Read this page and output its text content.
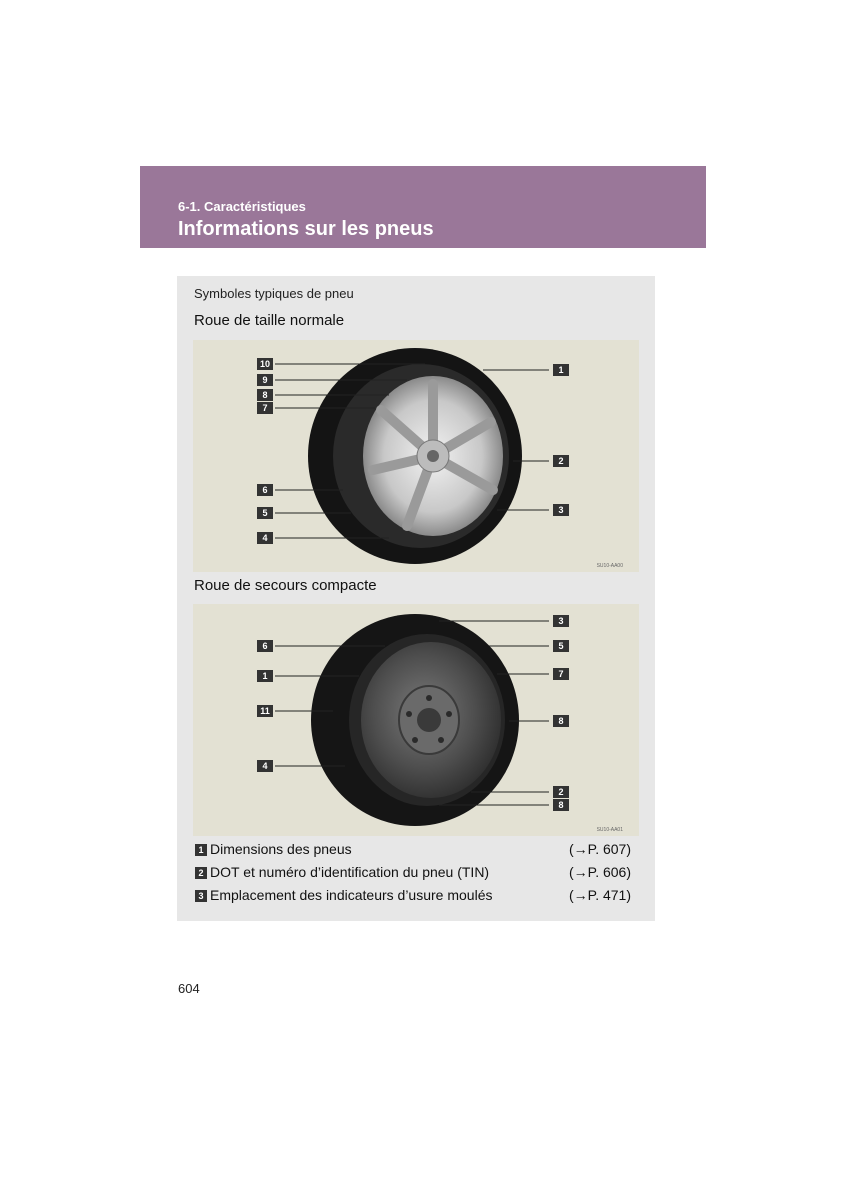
6-1. Caractéristiques
Informations sur les pneus
Symboles typiques de pneu
Roue de taille normale
10
9
8
7
6
5
4
1
2
3
SU10-AA00
Roue de secours compacte
6
1
11
4
3
5
7
8
2
8
SU10-AA01
1 Dimensions des pneus	(→P. 607)
2 DOT et numéro d’identification du pneu (TIN)	(→P. 606)
3 Emplacement des indicateurs d’usure moulés	(→P. 471)
604
